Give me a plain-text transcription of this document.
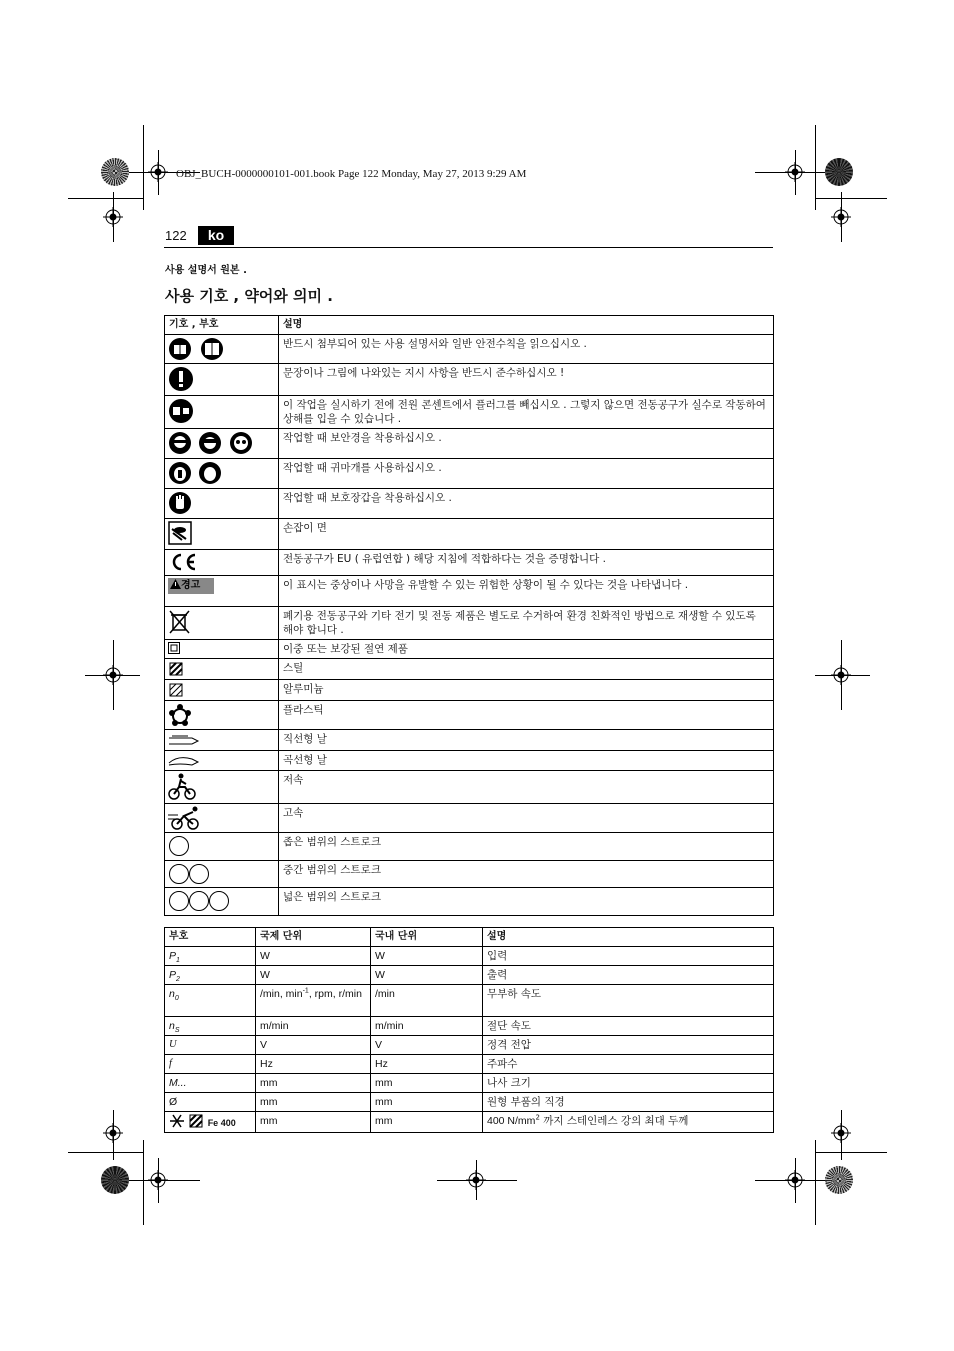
OBJ_BUCH-0000000101-001.book Page 122 Monday, May 27, 2013 9:29 AM
122	ko
사용 설명서 원본 .
사용 기호 , 약어와 의미 .
기호 , 부호	설명
	반드시 첨부되어 있는 사용 설명서와 일반 안전수칙을 읽으십시오 .
	문장이나 그림에 나와있는 지시 사항을 반드시 준수하십시오 !
	이 작업을 실시하기 전에 전원 콘센트에서 플러그를 빼십시오 . 그렇지 않으면 전동공구가 실수로 작동하여 상해를 입을 수 있습니다 .
	작업할 때 보안경을 착용하십시오 .
	작업할 때 귀마개를 사용하십시오 .
	작업할 때 보호장갑을 착용하십시오 .
	손잡이 면
	전동공구가 EU ( 유럽연합 ) 해당 지침에 적합하다는 것을 증명합니다 .
경고	이 표시는 중상이나 사망을 유발할 수 있는 위험한 상황이 될 수 있다는 것을 나타냅니다 .
	폐기용 전동공구와 기타 전기 및 전동 제품은 별도로 수거하여 환경 친화적인 방법으로 재생할 수 있도록 해야 합니다 .
	이중 또는 보강된 절연 제품
	스틸
	알루미늄
	플라스틱
	직선형 날
	곡선형 날
	저속
	고속
	좁은 범위의 스트로크
	중간 범위의 스트로크
	넓은 범위의 스트로크
부호	국제 단위	국내 단위	설명
$P_1$	W	W	입력
$P_2$	W	W	출력
$n_0$	/min, $\min^{-1}$, rpm, r/min	/min	무부하 속도
$n_S$	m/min	m/min	절단 속도
U	V	V	정격 전압
f	Hz	Hz	주파수
M...	mm	mm	나사 크기
Ø	mm	mm	원형 부품의 직경
Fe 400	mm	mm	400 $N/mm^2$ 까지 스테인레스 강의 최대 두께
